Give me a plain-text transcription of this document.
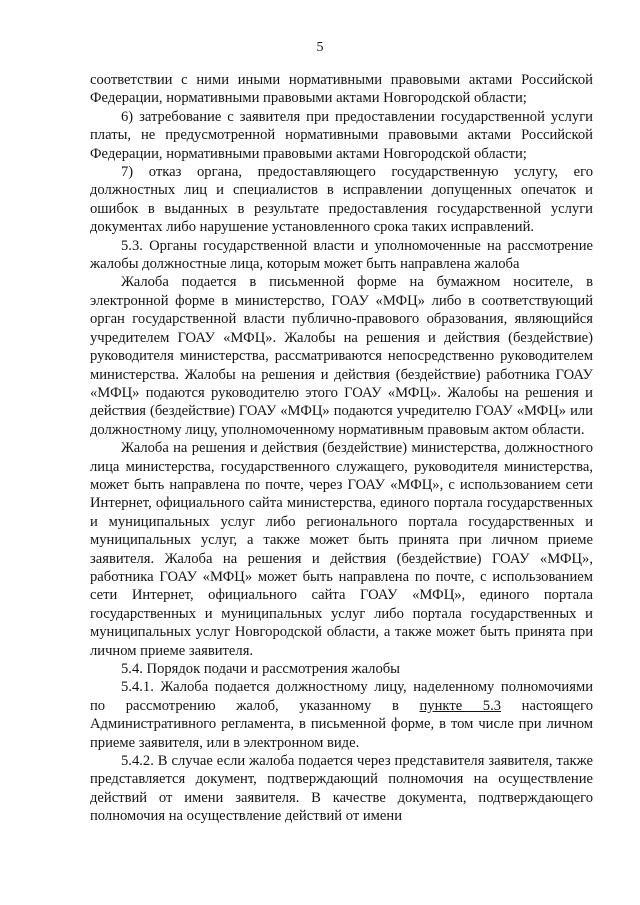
5

соответствии с ними иными нормативными правовыми актами Российской Федерации, нормативными правовыми актами Новгородской области;

6) затребование с заявителя при предоставлении государственной услуги платы, не предусмотренной нормативными правовыми актами Российской Федерации, нормативными правовыми актами Новгородской области;

7) отказ органа, предоставляющего государственную услугу, его должностных лиц и специалистов в исправлении допущенных опечаток и ошибок в выданных в результате предоставления государственной услуги документах либо нарушение установленного срока таких исправлений.

5.3. Органы государственной власти и уполномоченные на рассмотрение жалобы должностные лица, которым может быть направлена жалоба

Жалоба подается в письменной форме на бумажном носителе, в электронной форме в министерство, ГОАУ «МФЦ» либо в соответствующий орган государственной власти публично-правового образования, являющийся учредителем ГОАУ «МФЦ». Жалобы на решения и действия (бездействие) руководителя министерства, рассматриваются непосредственно руководителем министерства. Жалобы на решения и действия (бездействие) работника ГОАУ «МФЦ» подаются руководителю этого ГОАУ «МФЦ». Жалобы на решения и действия (бездействие) ГОАУ «МФЦ» подаются учредителю ГОАУ «МФЦ» или должностному лицу, уполномоченному нормативным правовым актом области.

Жалоба на решения и действия (бездействие) министерства, должностного лица министерства, государственного служащего, руководителя министерства, может быть направлена по почте, через ГОАУ «МФЦ», с использованием сети Интернет, официального сайта министерства, единого портала государственных и муниципальных услуг либо регионального портала государственных и муниципальных услуг, а также может быть принята при личном приеме заявителя. Жалоба на решения и действия (бездействие) ГОАУ «МФЦ», работника ГОАУ «МФЦ» может быть направлена по почте, с использованием сети Интернет, официального сайта ГОАУ «МФЦ», единого портала государственных и муниципальных услуг либо портала государственных и муниципальных услуг Новгородской области, а также может быть принята при личном приеме заявителя.

5.4. Порядок подачи и рассмотрения жалобы

5.4.1. Жалоба подается должностному лицу, наделенному полномочиями по рассмотрению жалоб, указанному в пункте 5.3 настоящего Административного регламента, в письменной форме, в том числе при личном приеме заявителя, или в электронном виде.

5.4.2. В случае если жалоба подается через представителя заявителя, также представляется документ, подтверждающий полномочия на осуществление действий от имени заявителя. В качестве документа, подтверждающего полномочия на осуществление действий от имени
